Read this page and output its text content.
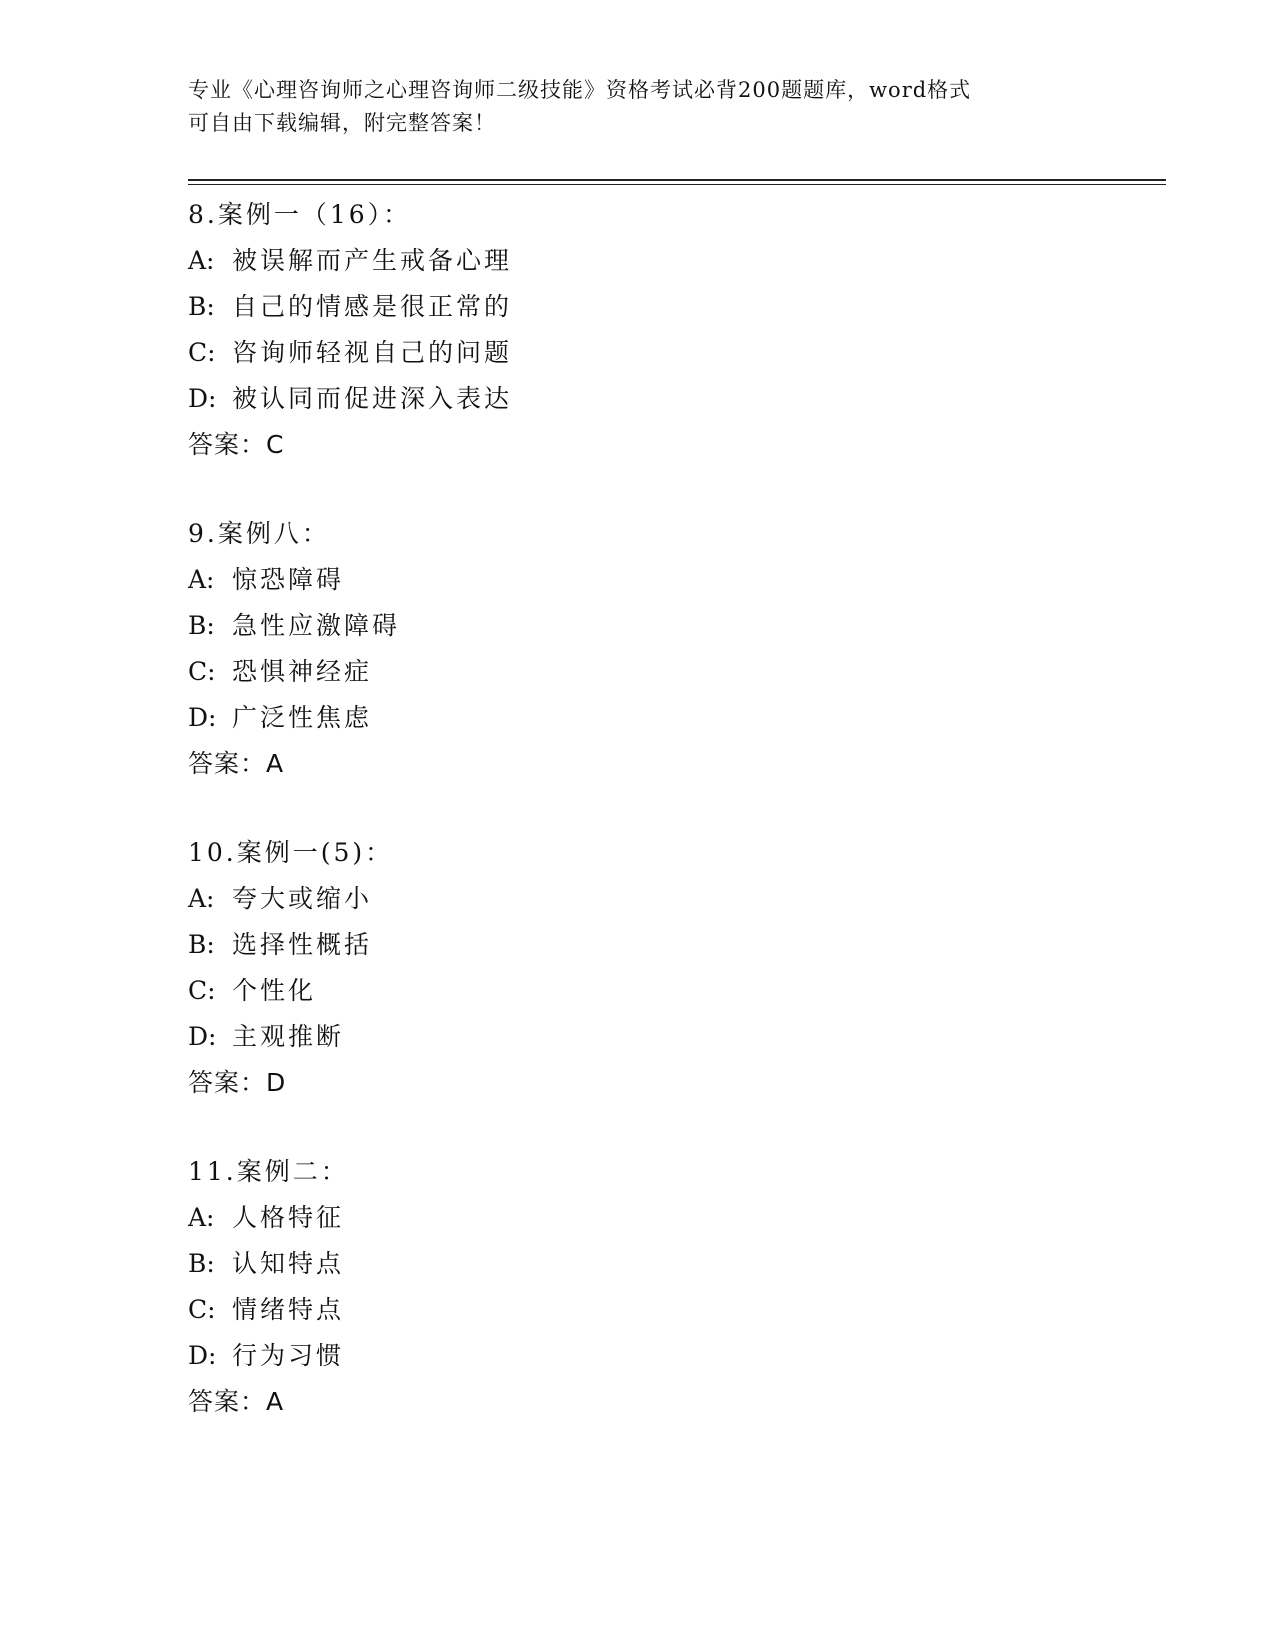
专业《心理咨询师之心理咨询师二级技能》资格考试必背200题题库，word格式
可自由下载编辑，附完整答案！
8.案例一（16）：
A: 被误解而产生戒备心理
B: 自己的情感是很正常的
C: 咨询师轻视自己的问题
D: 被认同而促进深入表达
答案：C
9.案例八：
A: 惊恐障碍
B: 急性应激障碍
C: 恐惧神经症
D: 广泛性焦虑
答案：A
10.案例一(5)：
A: 夸大或缩小
B: 选择性概括
C: 个性化
D: 主观推断
答案：D
11.案例二：
A: 人格特征
B: 认知特点
C: 情绪特点
D: 行为习惯
答案：A
